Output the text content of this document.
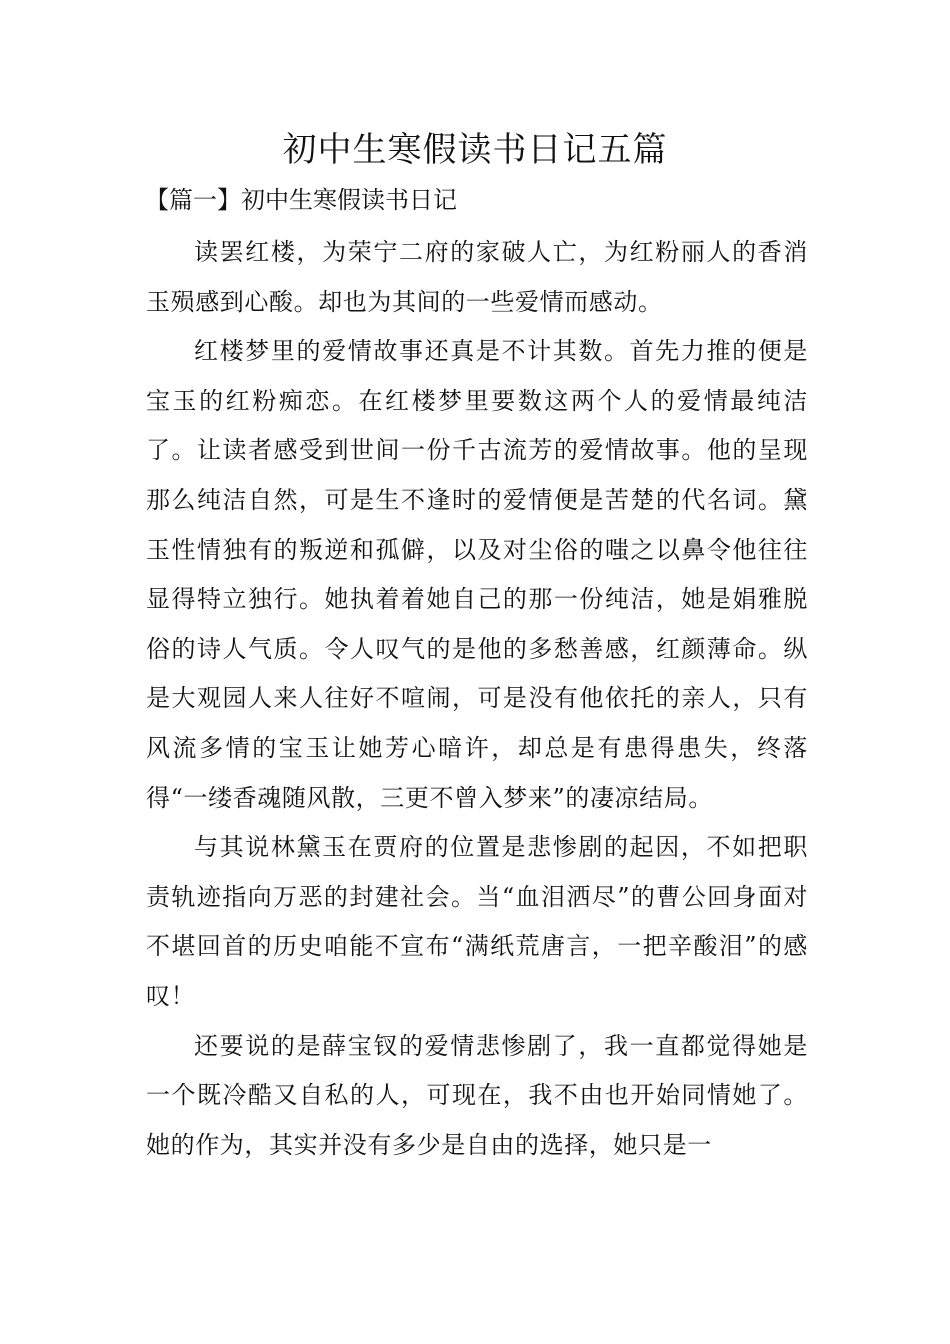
初中生寒假读书日记五篇
【篇一】初中生寒假读书日记

读罢红楼，为荣宁二府的家破人亡，为红粉丽人的香消玉殒感到心酸。却也为其间的一些爱情而感动。

红楼梦里的爱情故事还真是不计其数。首先力推的便是宝玉的红粉痴恋。在红楼梦里要数这两个人的爱情最纯洁了。让读者感受到世间一份千古流芳的爱情故事。他的呈现那么纯洁自然，可是生不逢时的爱情便是苦楚的代名词。黛玉性情独有的叛逆和孤僻，以及对尘俗的嗤之以鼻令他往往显得特立独行。她执着着她自己的那一份纯洁，她是娟雅脱俗的诗人气质。令人叹气的是他的多愁善感，红颜薄命。纵是大观园人来人往好不喧闹，可是没有他依托的亲人，只有风流多情的宝玉让她芳心暗许，却总是有患得患失，终落得“一缕香魂随风散，三更不曾入梦来”的凄凉结局。

与其说林黛玉在贾府的位置是悲惨剧的起因，不如把职责轨迹指向万恶的封建社会。当“血泪洒尽”的曹公回身面对不堪回首的历史咱能不宣布“满纸荒唐言，一把辛酸泪”的感叹！

还要说的是薛宝钗的爱情悲惨剧了，我一直都觉得她是一个既冷酷又自私的人，可现在，我不由也开始同情她了。她的作为，其实并没有多少是自由的选择，她只是一
